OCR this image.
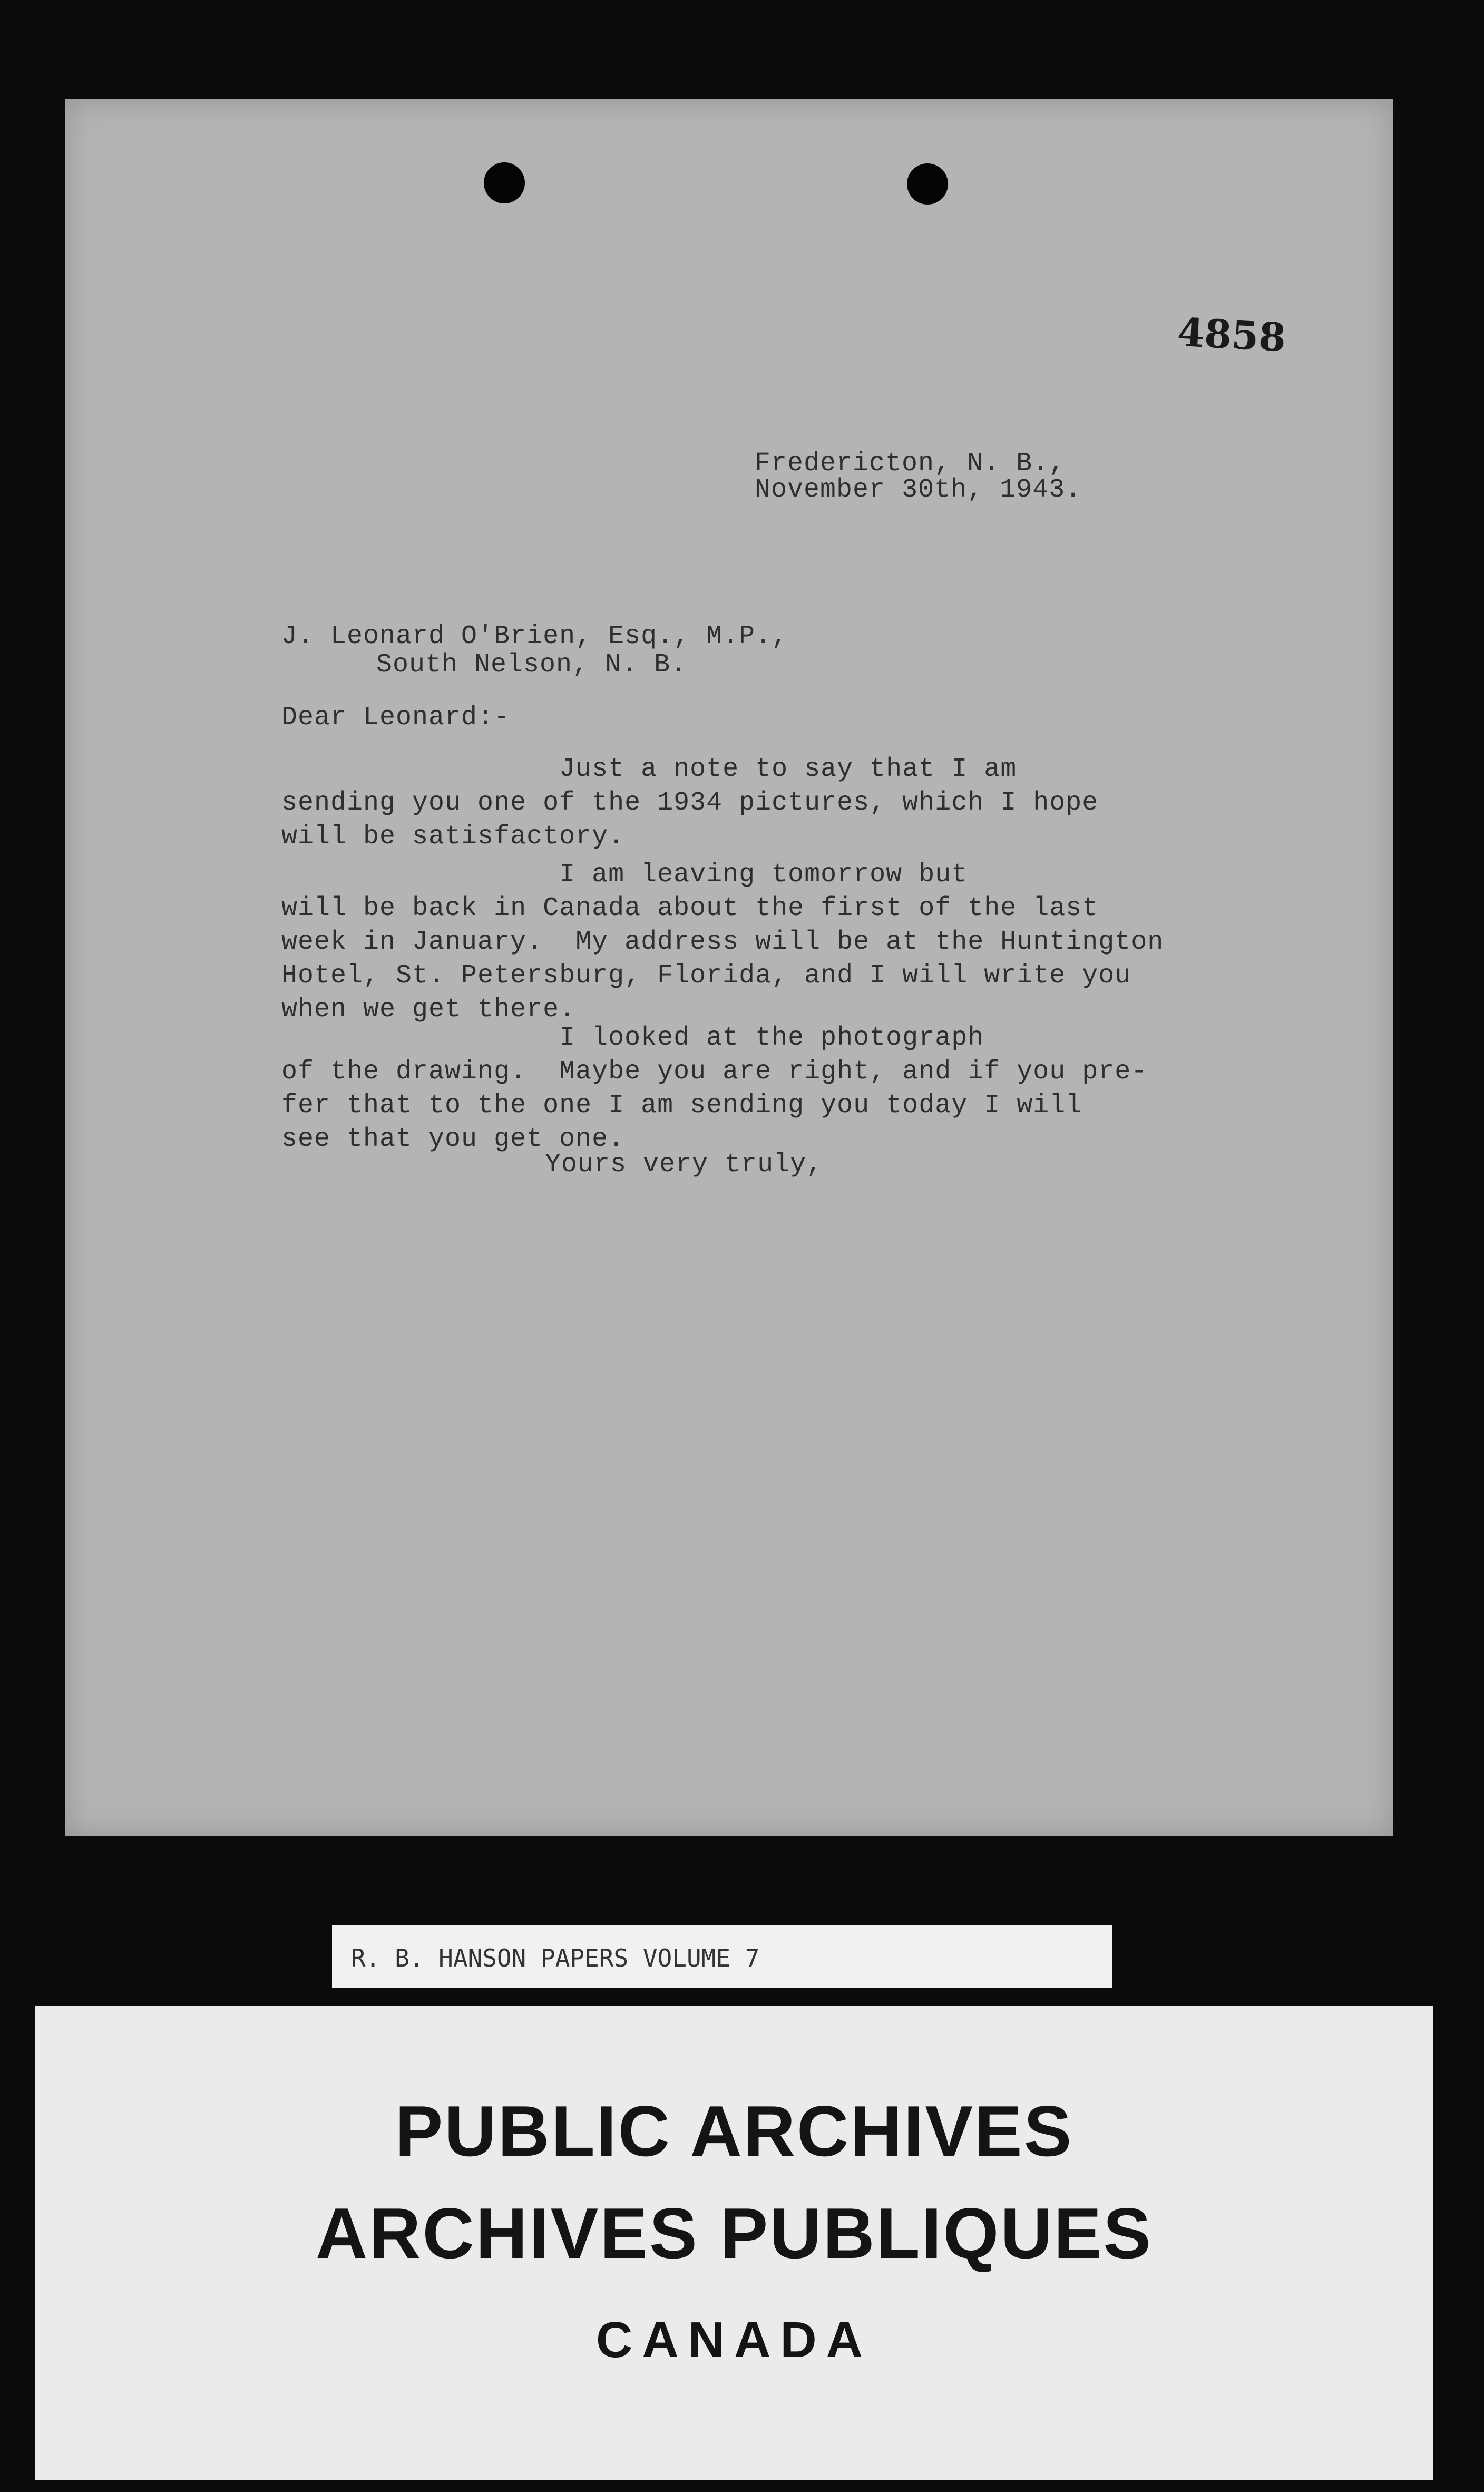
4858
Fredericton, N. B.,
November 30th, 1943.
J. Leonard O'Brien, Esq., M.P.,
South Nelson, N. B.
Dear Leonard:-
Just a note to say that I am
sending you one of the 1934 pictures, which I hope
will be satisfactory.
I am leaving tomorrow but
will be back in Canada about the first of the last
week in January.  My address will be at the Huntington
Hotel, St. Petersburg, Florida, and I will write you
when we get there.
I looked at the photograph
of the drawing.  Maybe you are right, and if you pre-
fer that to the one I am sending you today I will
see that you get one.
Yours very truly,
R. B. HANSON PAPERS VOLUME 7
PUBLIC ARCHIVES
ARCHIVES PUBLIQUES
CANADA
